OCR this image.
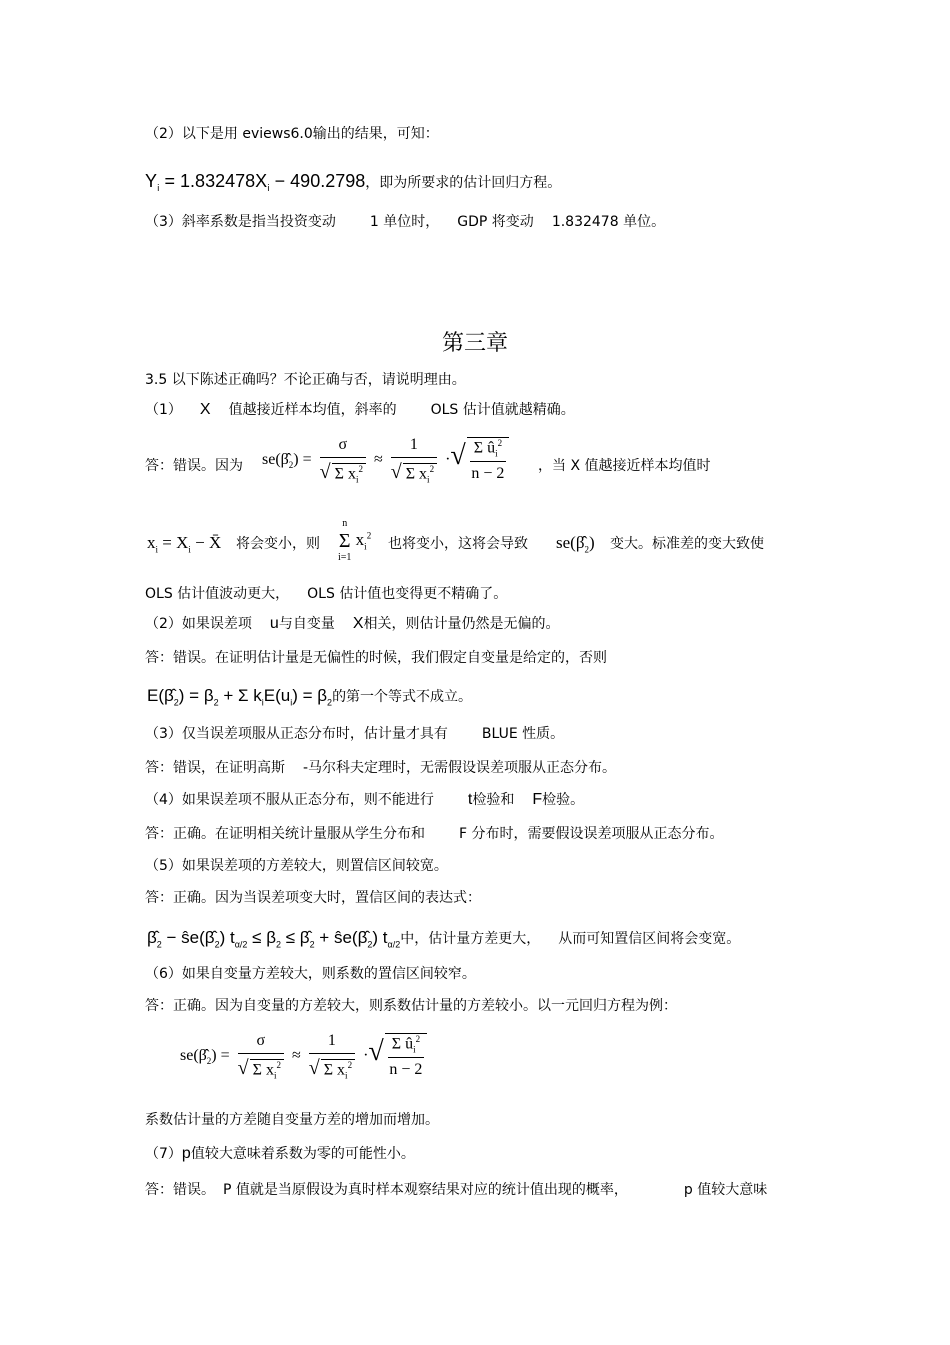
（2）以下是用 eviews6.0输出的结果，可知：
$Y_i = 1.832478X_i - 490.2798$，即为所要求的估计回归方程。
（3）斜率系数是指当投资变动 1 单位时， GDP 将变动 1.832478 单位。
第三章
3.5 以下陈述正确吗？不论正确与否，请说明理由。
（1） X 值越接近样本均值，斜率的 OLS 估计值就越精确。
答：错误。因为 $se(\betâ_2) = \frac{\sigma}{√ \Sigma x_i^2} \approx \frac{1}{√ \Sigma x_i^2}$ ·√ $\frac{\Sigma û_i^2}{n - 2}$ ，当 X 值越接近样本均值时
$x_i = X_i$ − X̄ 将会变小，则
n
Σ
i=1 $x_i^2$
也将变小，这将会导致 $se(\betâ_2)$ 变大。标准差的变大致使
OLS 估计值波动更大， OLS 估计值也变得更不精确了。
（2）如果误差项 u与自变量 X相关，则估计量仍然是无偏的。
答：错误。在证明估计量是无偏性的时候，我们假定自变量是给定的，否则
$E(\betâ_2) = \beta_2 + \Sigma$ $k_iE(u_i) = \beta_2$的第一个等式不成立。
（3）仅当误差项服从正态分布时，估计量才具有 BLUE 性质。
答：错误，在证明高斯 -马尔科夫定理时，无需假设误差项服从正态分布。
（4）如果误差项不服从正态分布，则不能进行 t检验和 F检验。
答：正确。在证明相关统计量服从学生分布和 F 分布时，需要假设误差项服从正态分布。
（5）如果误差项的方差较大，则置信区间较宽。
答：正确。因为当误差项变大时，置信区间的表达式：
$\betâ_2$ − $ŝe(\betâ_2) t_{\alpha/2} \le \beta_2$ ≤ $\betâ_2$ + $ŝe(\betâ_2)$ $t_{\alpha/2}$中，估计量方差更大， 从而可知置信区间将会变宽。
（6）如果自变量方差较大，则系数的置信区间较窄。
答：正确。因为自变量的方差较大，则系数估计量的方差较小。以一元回归方程为例：
$se(\betâ_2) = \frac{\sigma}{√ \Sigma x_i^2} \approx \frac{1}{√ \Sigma x_i^2}$ ·√ $\frac{\Sigma û_i^2}{n - 2}$
系数估计量的方差随自变量方差的增加而增加。
（7）p值较大意味着系数为零的可能性小。
答：错误。 P 值就是当原假设为真时样本观察结果对应的统计值出现的概率，	p 值较大意味
